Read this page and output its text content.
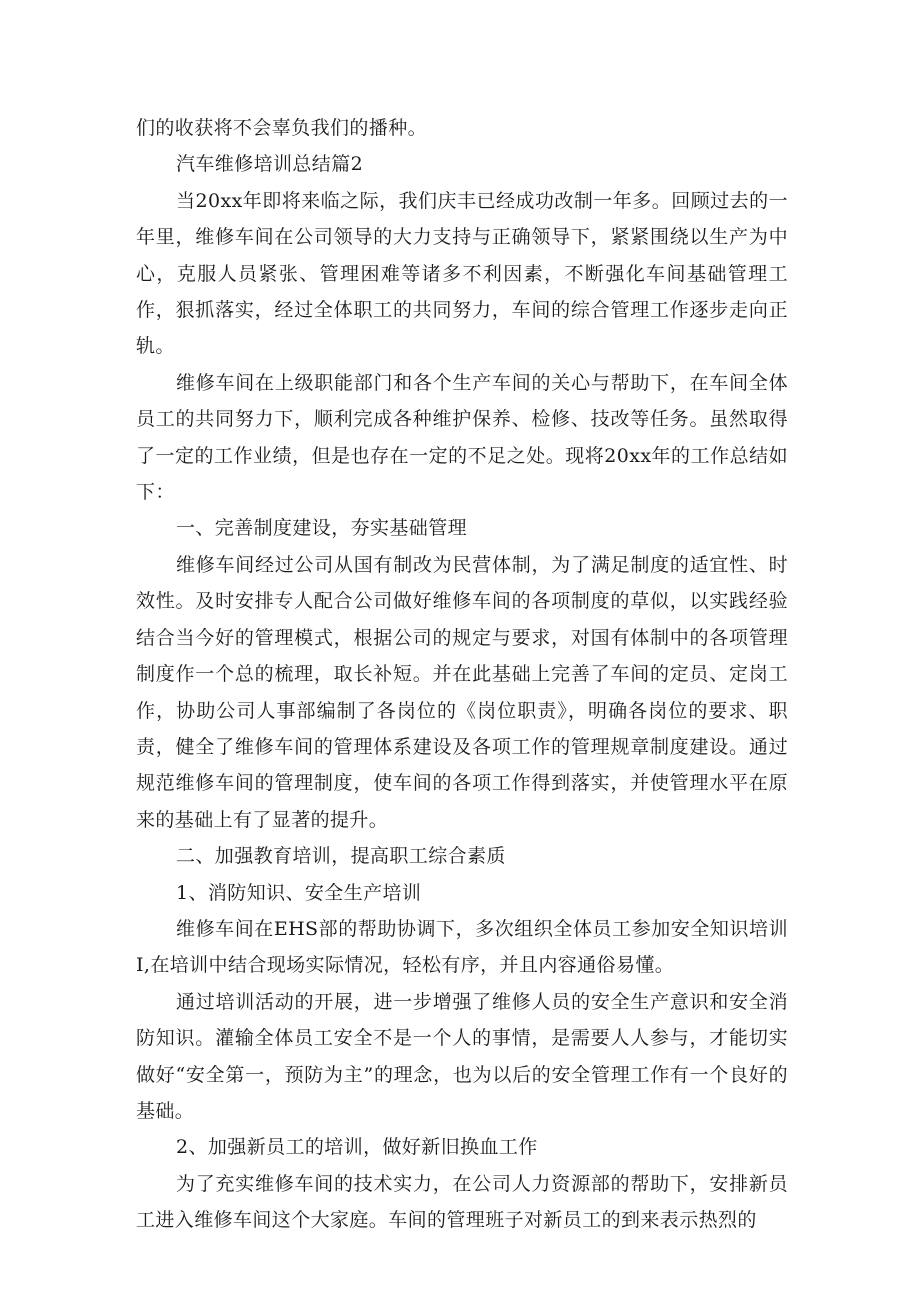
们的收获将不会辜负我们的播种。

汽车维修培训总结篇2

当20xx年即将来临之际，我们庆丰已经成功改制一年多。回顾过去的一年里，维修车间在公司领导的大力支持与正确领导下，紧紧围绕以生产为中心，克服人员紧张、管理困难等诸多不利因素，不断强化车间基础管理工作，狠抓落实，经过全体职工的共同努力，车间的综合管理工作逐步走向正轨。

维修车间在上级职能部门和各个生产车间的关心与帮助下，在车间全体员工的共同努力下，顺利完成各种维护保养、检修、技改等任务。虽然取得了一定的工作业绩，但是也存在一定的不足之处。现将20xx年的工作总结如下：

一、完善制度建设，夯实基础管理

维修车间经过公司从国有制改为民营体制，为了满足制度的适宜性、时效性。及时安排专人配合公司做好维修车间的各项制度的草似，以实践经验结合当今好的管理模式，根据公司的规定与要求，对国有体制中的各项管理制度作一个总的梳理，取长补短。并在此基础上完善了车间的定员、定岗工作，协助公司人事部编制了各岗位的《岗位职责》，明确各岗位的要求、职责，健全了维修车间的管理体系建设及各项工作的管理规章制度建设。通过规范维修车间的管理制度，使车间的各项工作得到落实，并使管理水平在原来的基础上有了显著的提升。

二、加强教育培训，提高职工综合素质

1、消防知识、安全生产培训

维修车间在EHS部的帮助协调下，多次组织全体员工参加安全知识培训I,在培训中结合现场实际情况，轻松有序，并且内容通俗易懂。

通过培训活动的开展，进一步增强了维修人员的安全生产意识和安全消防知识。灌输全体员工安全不是一个人的事情，是需要人人参与，才能切实做好“安全第一，预防为主”的理念，也为以后的安全管理工作有一个良好的基础。

2、加强新员工的培训，做好新旧换血工作

为了充实维修车间的技术实力，在公司人力资源部的帮助下，安排新员工进入维修车间这个大家庭。车间的管理班子对新员工的到来表示热烈的
